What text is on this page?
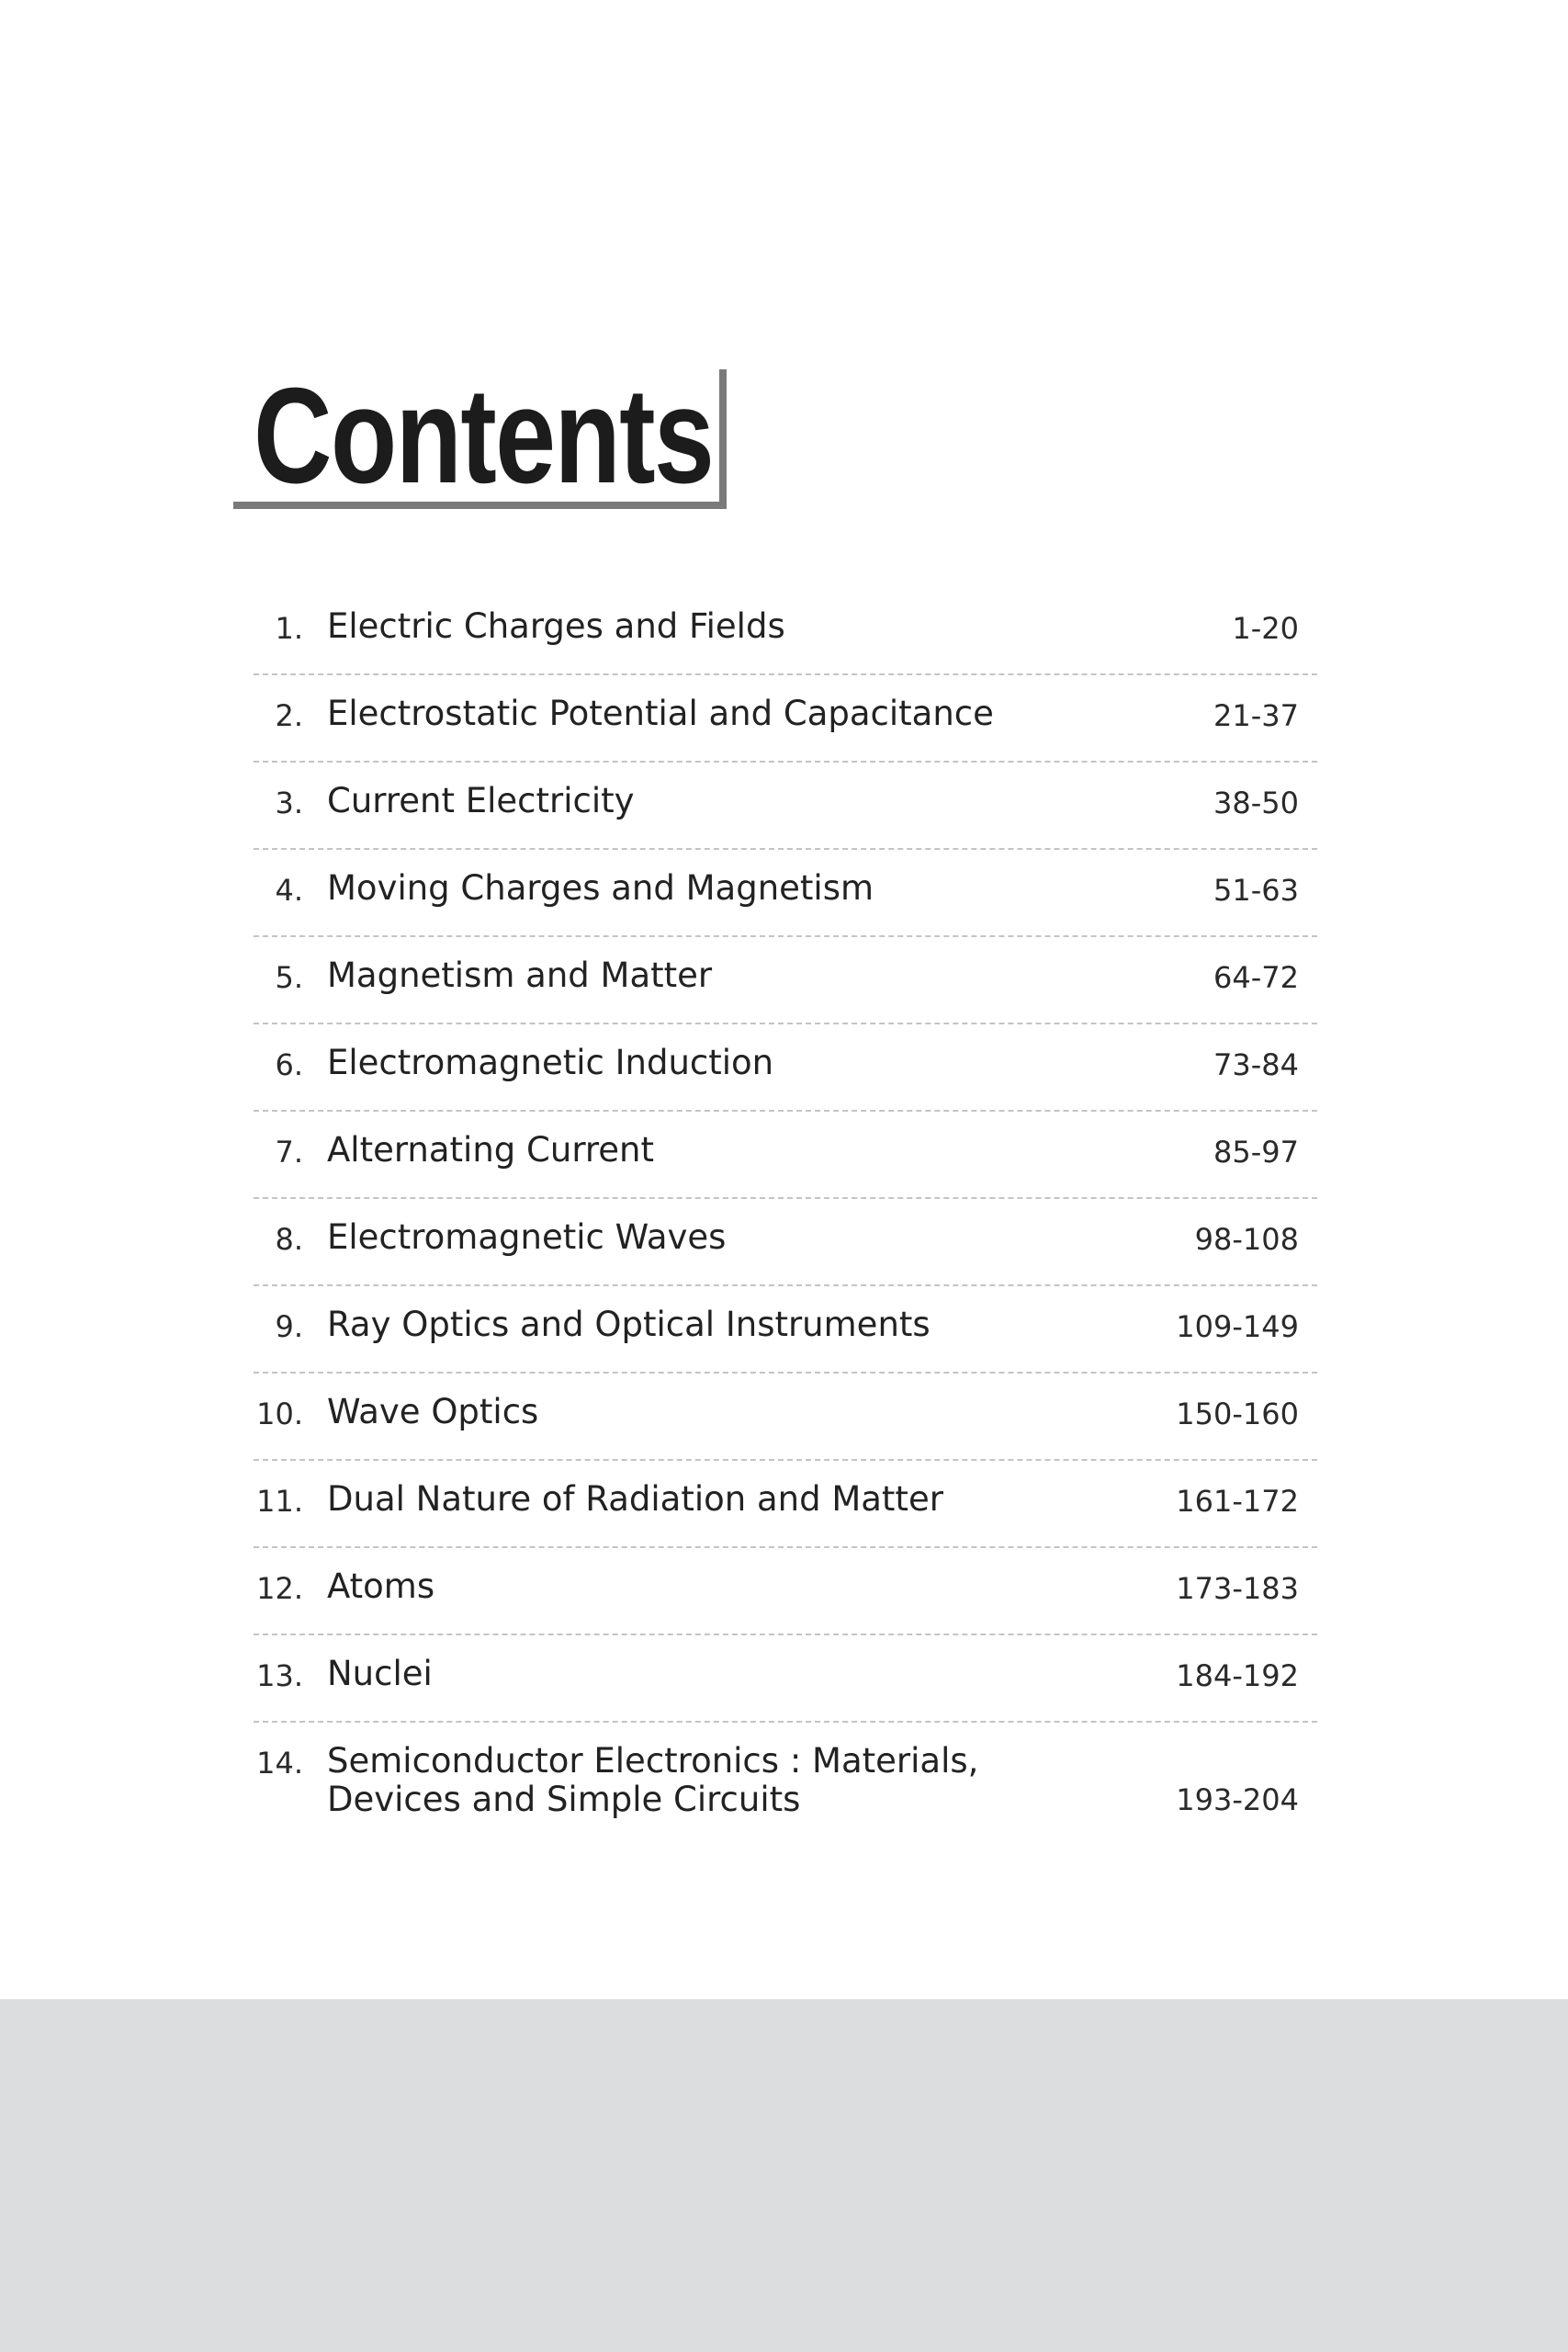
Contents
1. Electric Charges and Fields	1-20
2. Electrostatic Potential and Capacitance	21-37
3. Current Electricity	38-50
4. Moving Charges and Magnetism	51-63
5. Magnetism and Matter	64-72
6. Electromagnetic Induction	73-84
7. Alternating Current	85-97
8. Electromagnetic Waves	98-108
9. Ray Optics and Optical Instruments	109-149
10. Wave Optics	150-160
11. Dual Nature of Radiation and Matter	161-172
12. Atoms	173-183
13. Nuclei	184-192
14. Semiconductor Electronics : Materials, Devices and Simple Circuits	193-204
